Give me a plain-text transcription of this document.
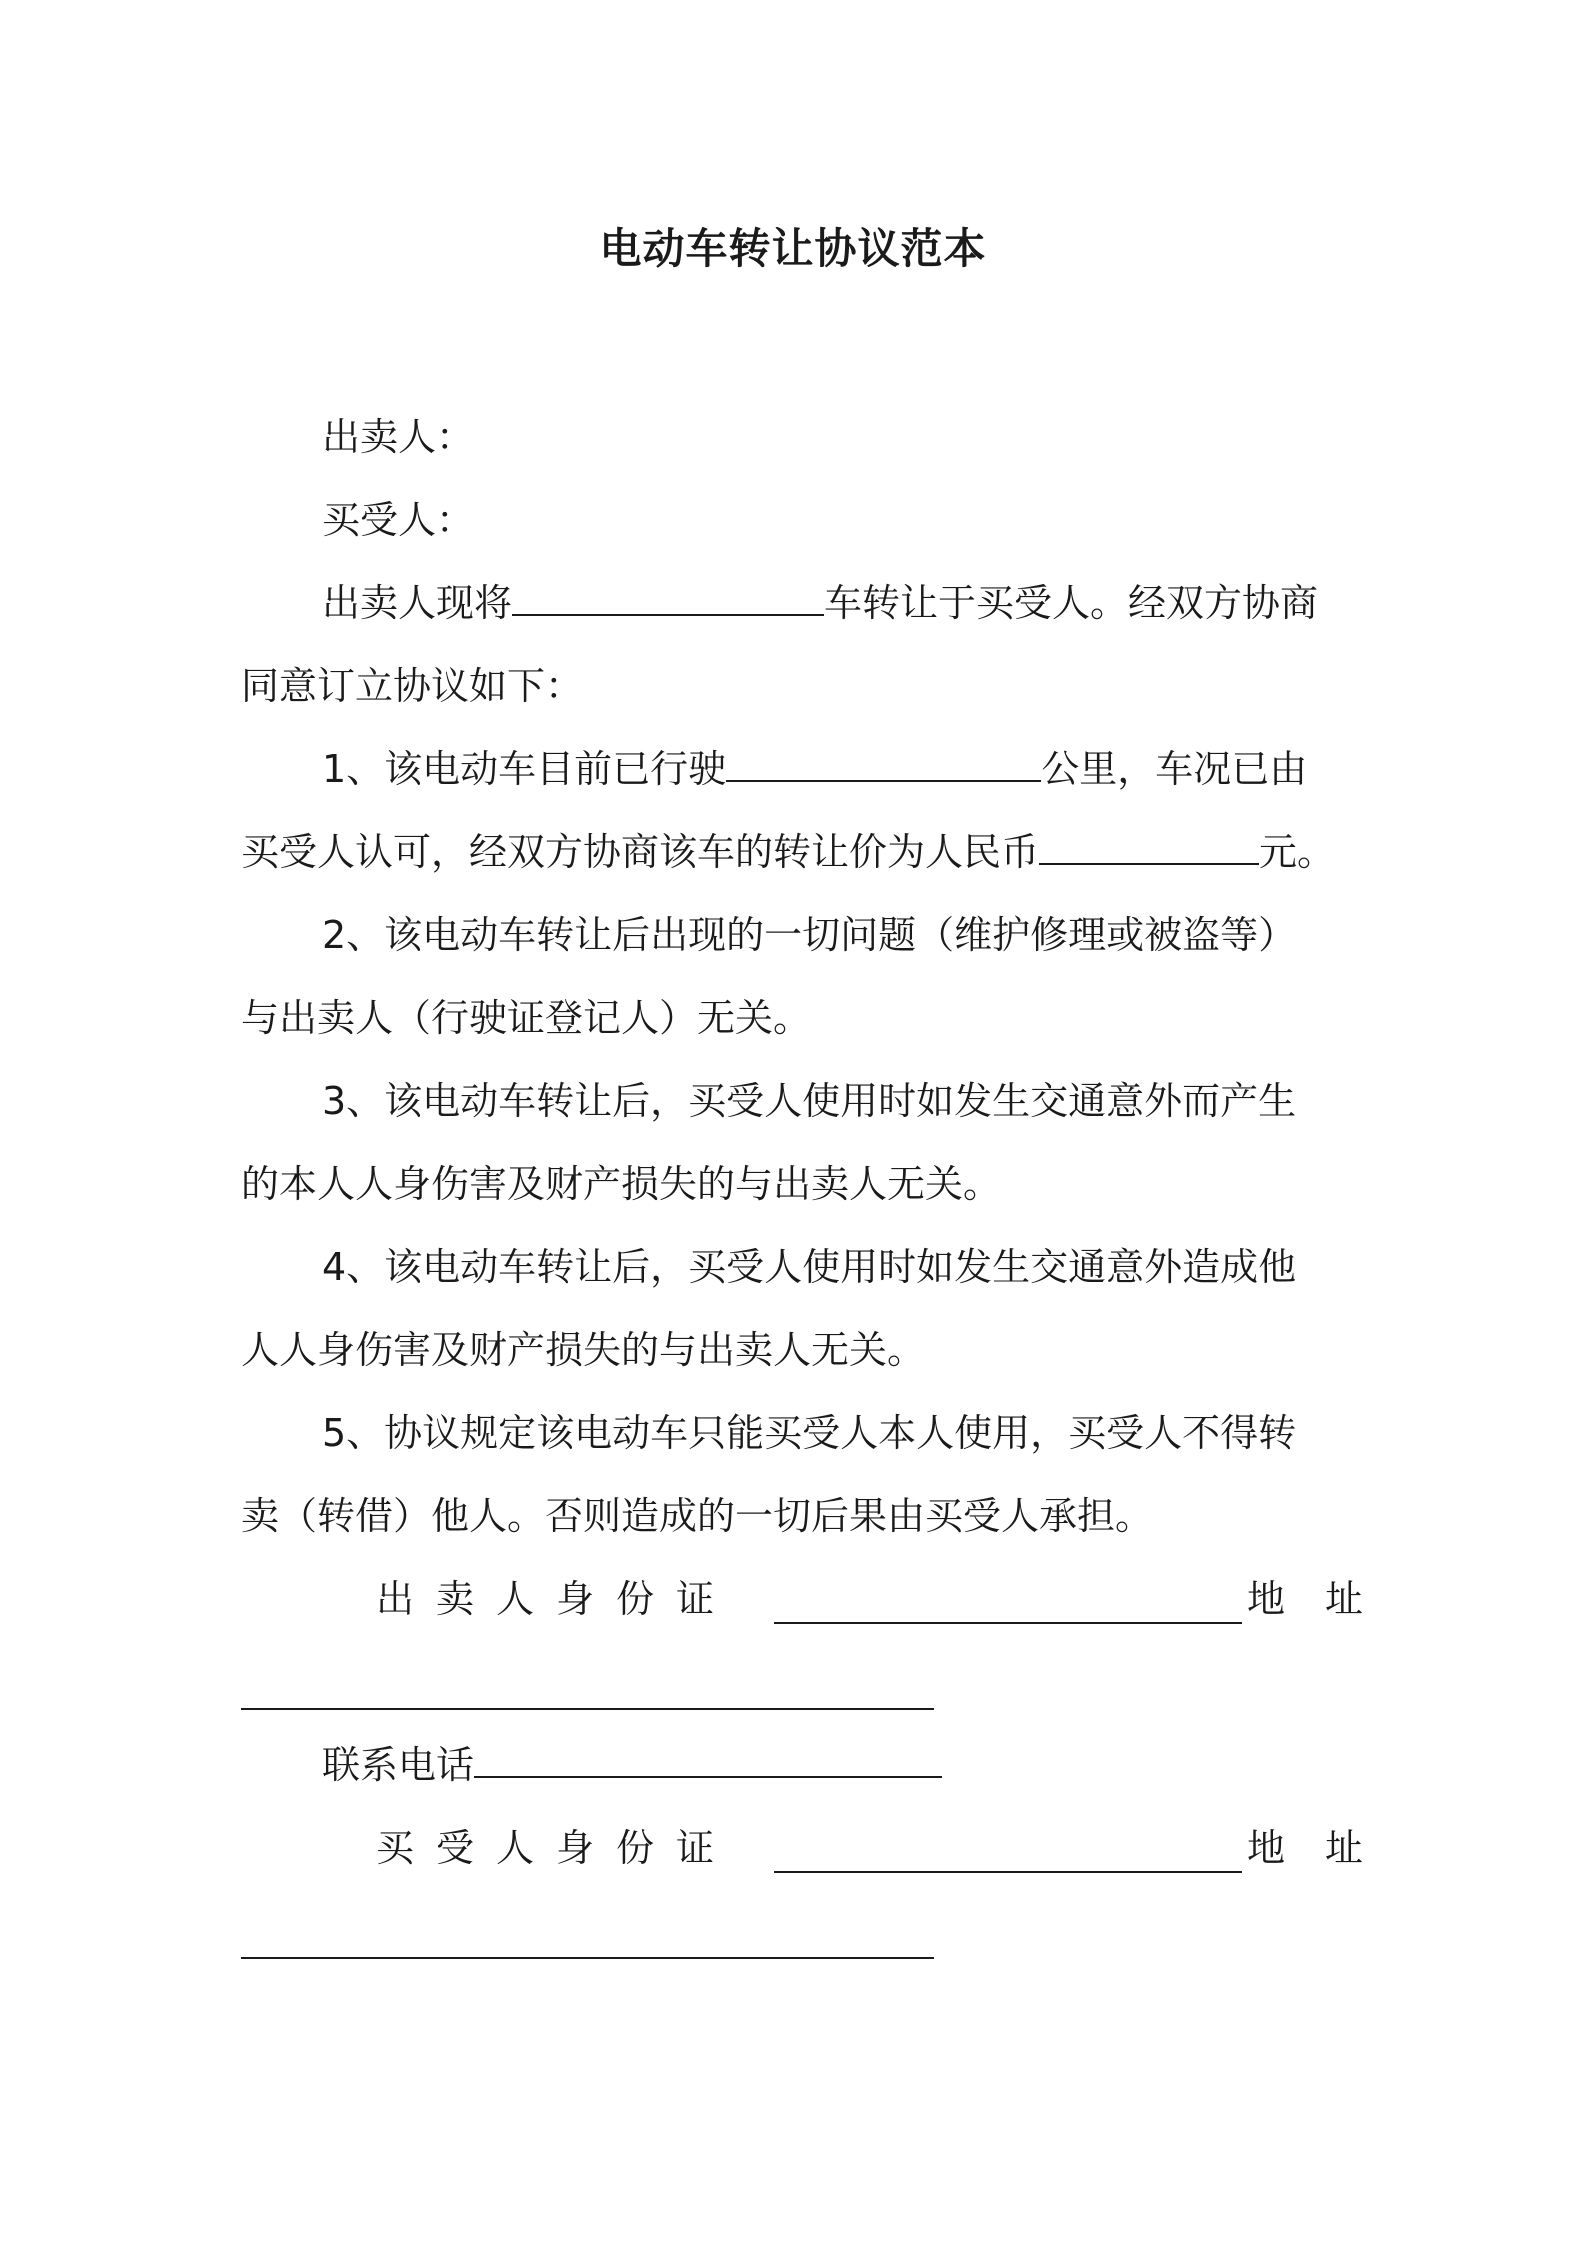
电动车转让协议范本
出卖人：
买受人：
出卖人现将	车转让于买受人。经双方协商
同意订立协议如下：
1、该电动车目前已行驶	公里，车况已由
买受人认可，经双方协商该车的转让价为人民币	元。
2、该电动车转让后出现的一切问题（维护修理或被盗等）
与出卖人（行驶证登记人）无关。
3、该电动车转让后，买受人使用时如发生交通意外而产生
的本人人身伤害及财产损失的与出卖人无关。
4、该电动车转让后，买受人使用时如发生交通意外造成他
人人身伤害及财产损失的与出卖人无关。
5、协议规定该电动车只能买受人本人使用，买受人不得转
卖（转借）他人。否则造成的一切后果由买受人承担。
出卖人身份证	地址
联系电话
买受人身份证	地址
